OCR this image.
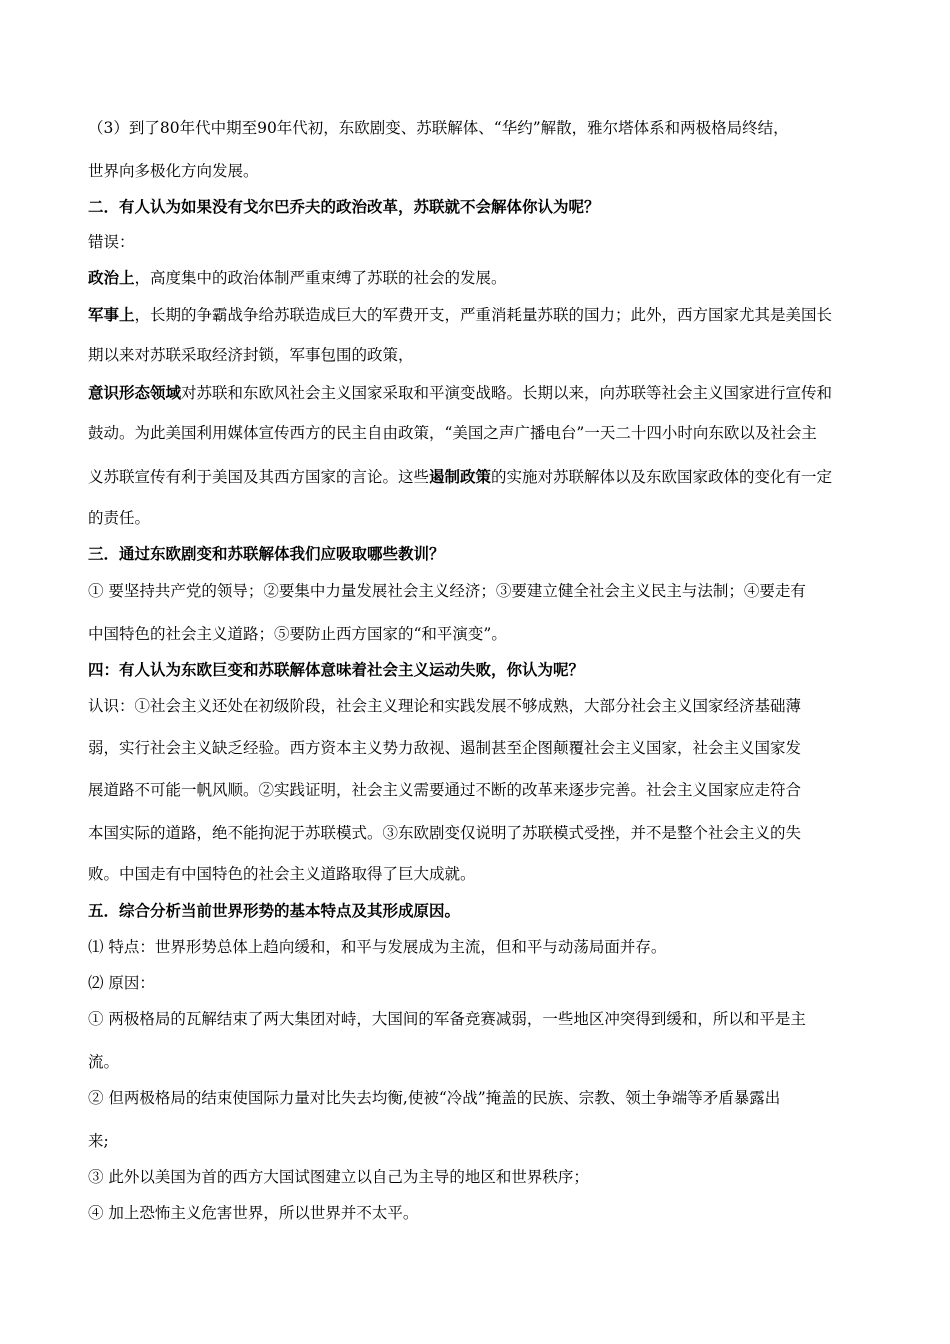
（3）到了80年代中期至90年代初，东欧剧变、苏联解体、“华约”解散，雅尔塔体系和两极格局终结，
世界向多极化方向发展。
二．有人认为如果没有戈尔巴乔夫的政治改革，苏联就不会解体你认为呢？
错误：
政治上，高度集中的政治体制严重束缚了苏联的社会的发展。
军事上，长期的争霸战争给苏联造成巨大的军费开支，严重消耗量苏联的国力；此外，西方国家尤其是美国长
期以来对苏联采取经济封锁，军事包围的政策，
意识形态领域对苏联和东欧风社会主义国家采取和平演变战略。长期以来，向苏联等社会主义国家进行宣传和
鼓动。为此美国利用媒体宣传西方的民主自由政策，“美国之声广播电台”一天二十四小时向东欧以及社会主
义苏联宣传有利于美国及其西方国家的言论。这些遏制政策的实施对苏联解体以及东欧国家政体的变化有一定
的责任。
三．通过东欧剧变和苏联解体我们应吸取哪些教训？
① 要坚持共产党的领导；②要集中力量发展社会主义经济；③要建立健全社会主义民主与法制；④要走有
中国特色的社会主义道路；⑤要防止西方国家的“和平演变”。
四：有人认为东欧巨变和苏联解体意味着社会主义运动失败，你认为呢？
认识：①社会主义还处在初级阶段，社会主义理论和实践发展不够成熟，大部分社会主义国家经济基础薄
弱，实行社会主义缺乏经验。西方资本主义势力敌视、遏制甚至企图颠覆社会主义国家，社会主义国家发
展道路不可能一帆风顺。②实践证明，社会主义需要通过不断的改革来逐步完善。社会主义国家应走符合
本国实际的道路，绝不能拘泥于苏联模式。③东欧剧变仅说明了苏联模式受挫，并不是整个社会主义的失
败。中国走有中国特色的社会主义道路取得了巨大成就。
五．综合分析当前世界形势的基本特点及其形成原因。
⑴ 特点：世界形势总体上趋向缓和，和平与发展成为主流，但和平与动荡局面并存。
⑵ 原因：
① 两极格局的瓦解结束了两大集团对峙，大国间的军备竞赛减弱，一些地区冲突得到缓和，所以和平是主
流。
② 但两极格局的结束使国际力量对比失去均衡,使被“冷战”掩盖的民族、宗教、领土争端等矛盾暴露出
来;
③ 此外以美国为首的西方大国试图建立以自己为主导的地区和世界秩序；
④ 加上恐怖主义危害世界，所以世界并不太平。
